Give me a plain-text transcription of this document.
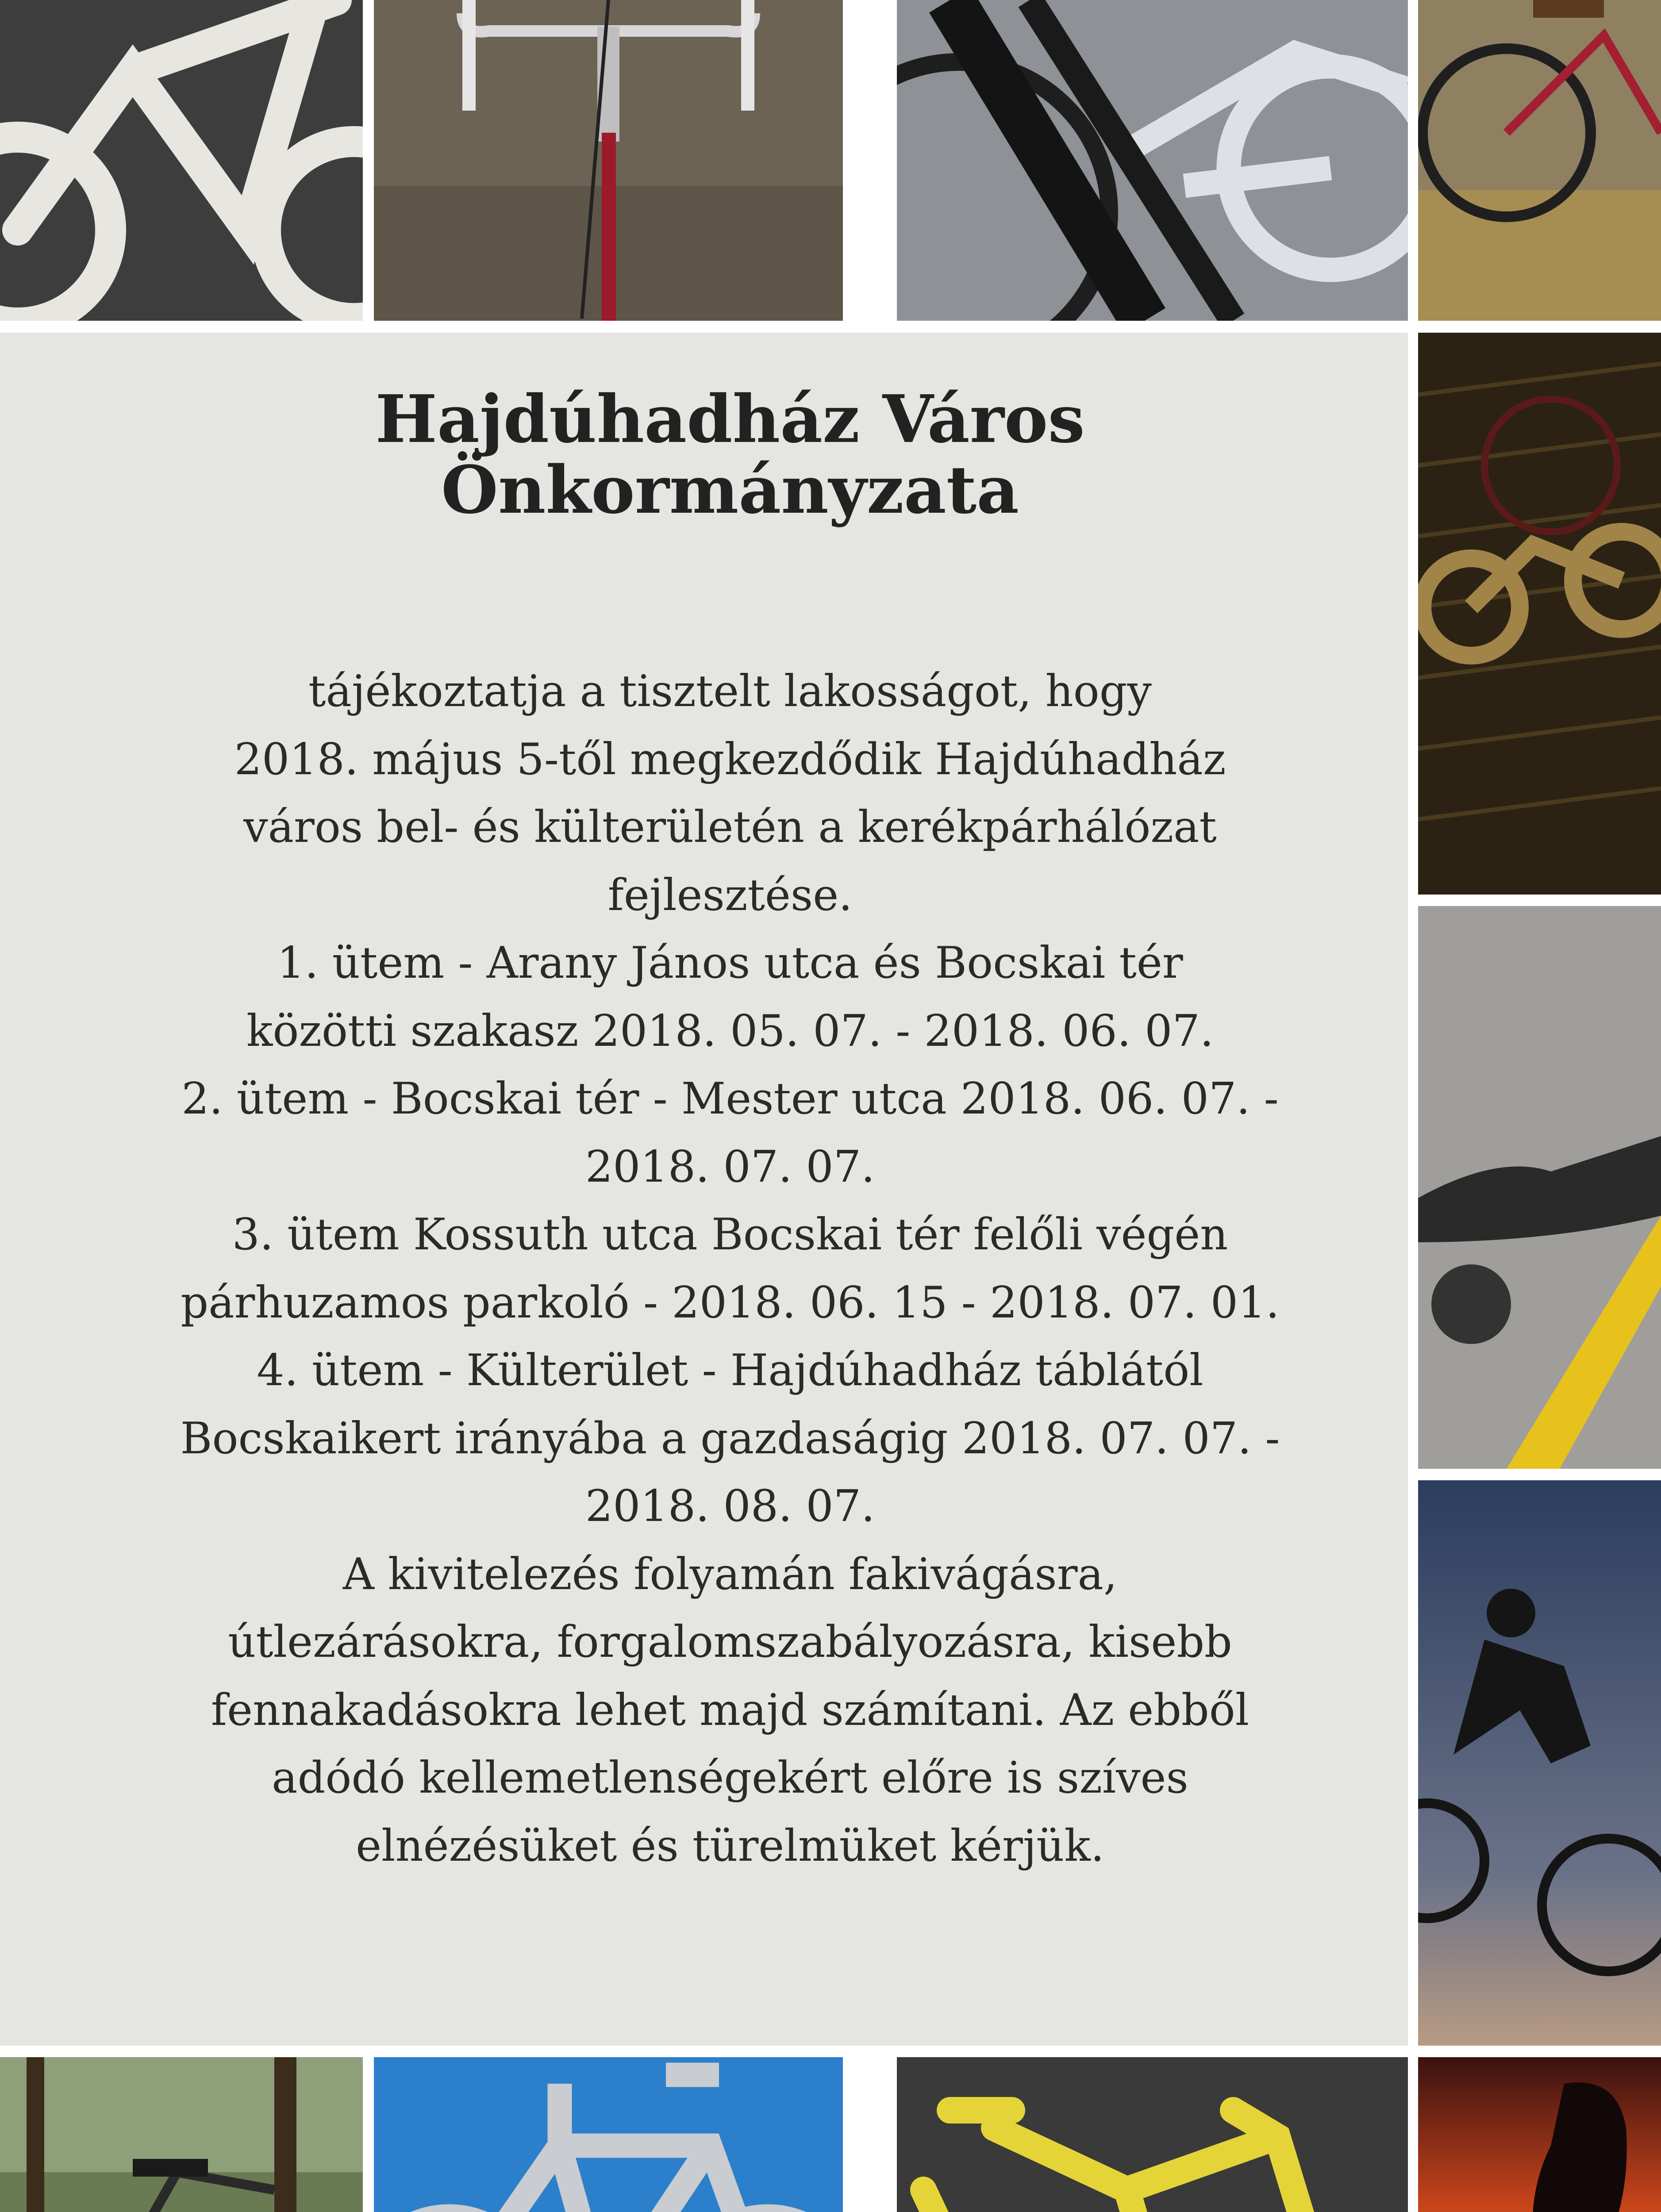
Hajdúhadház Város
Önkormányzata

tájékoztatja a tisztelt lakosságot, hogy
2018. május 5-től megkezdődik Hajdúhadház
város bel- és külterületén a kerékpárhálózat
fejlesztése.
1. ütem - Arany János utca és Bocskai tér
közötti szakasz 2018. 05. 07. - 2018. 06. 07.
2. ütem - Bocskai tér - Mester utca 2018. 06. 07. -
2018. 07. 07.
3. ütem Kossuth utca Bocskai tér felőli végén
párhuzamos parkoló - 2018. 06. 15 - 2018. 07. 01.
4. ütem - Külterület - Hajdúhadház táblától
Bocskaikert irányába a gazdaságig 2018. 07. 07. -
2018. 08. 07.
A kivitelezés folyamán fakivágásra,
útlezárásokra, forgalomszabályozásra, kisebb
fennakadásokra lehet majd számítani. Az ebből
adódó kellemetlenségekért előre is szíves
elnézésüket és türelmüket kérjük.
